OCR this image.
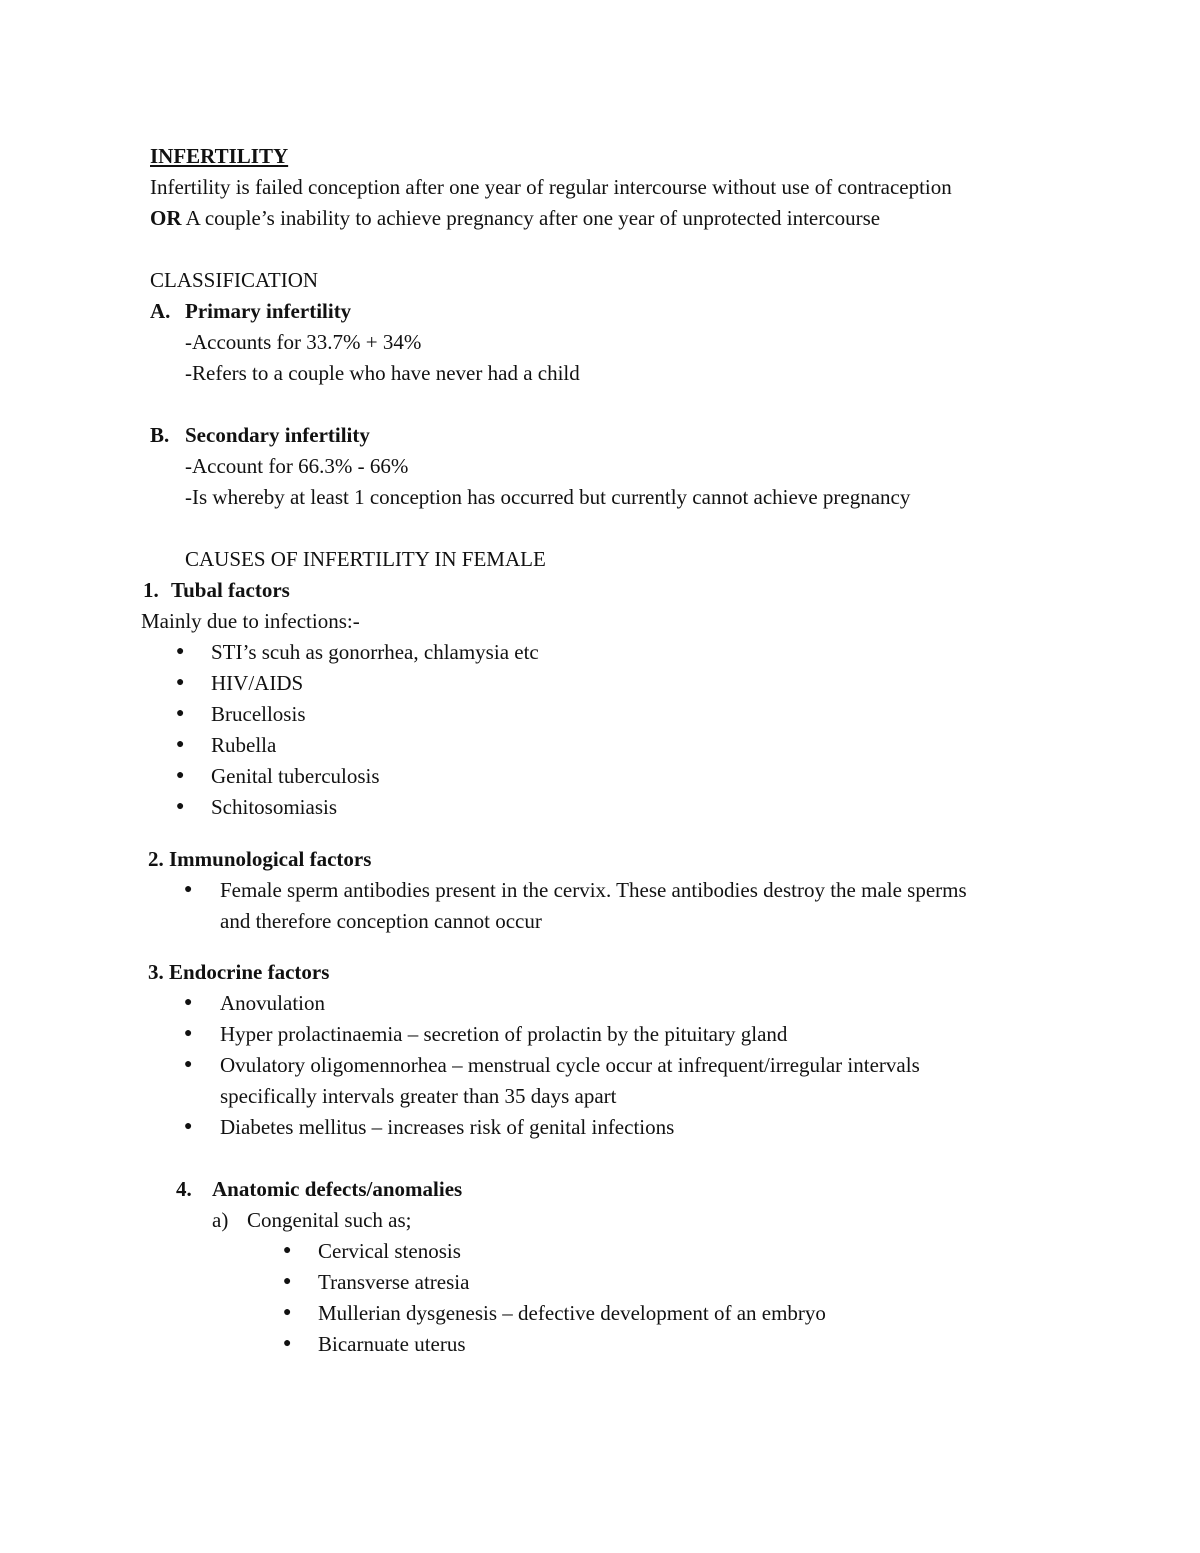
INFERTILITY
Infertility is failed conception after one year of regular intercourse without use of contraception
OR A couple’s inability to achieve pregnancy after one year of unprotected intercourse
CLASSIFICATION
A. Primary infertility
-Accounts for 33.7% + 34%
-Refers to a couple who have never had a child
B. Secondary infertility
-Account for 66.3% - 66%
-Is whereby at least 1 conception has occurred but currently cannot achieve pregnancy
CAUSES OF INFERTILITY IN FEMALE
1. Tubal factors
Mainly due to infections:-
● STI’s scuh as gonorrhea, chlamysia etc
● HIV/AIDS
● Brucellosis
● Rubella
● Genital tuberculosis
● Schitosomiasis
2. Immunological factors
● Female sperm antibodies present in the cervix. These antibodies destroy the male sperms
and therefore conception cannot occur
3. Endocrine factors
● Anovulation
● Hyper prolactinaemia – secretion of prolactin by the pituitary gland
● Ovulatory oligomennorhea – menstrual cycle occur at infrequent/irregular intervals
specifically intervals greater than 35 days apart
● Diabetes mellitus – increases risk of genital infections
4. Anatomic defects/anomalies
a) Congenital such as;
● Cervical stenosis
● Transverse atresia
● Mullerian dysgenesis – defective development of an embryo
● Bicarnuate uterus
